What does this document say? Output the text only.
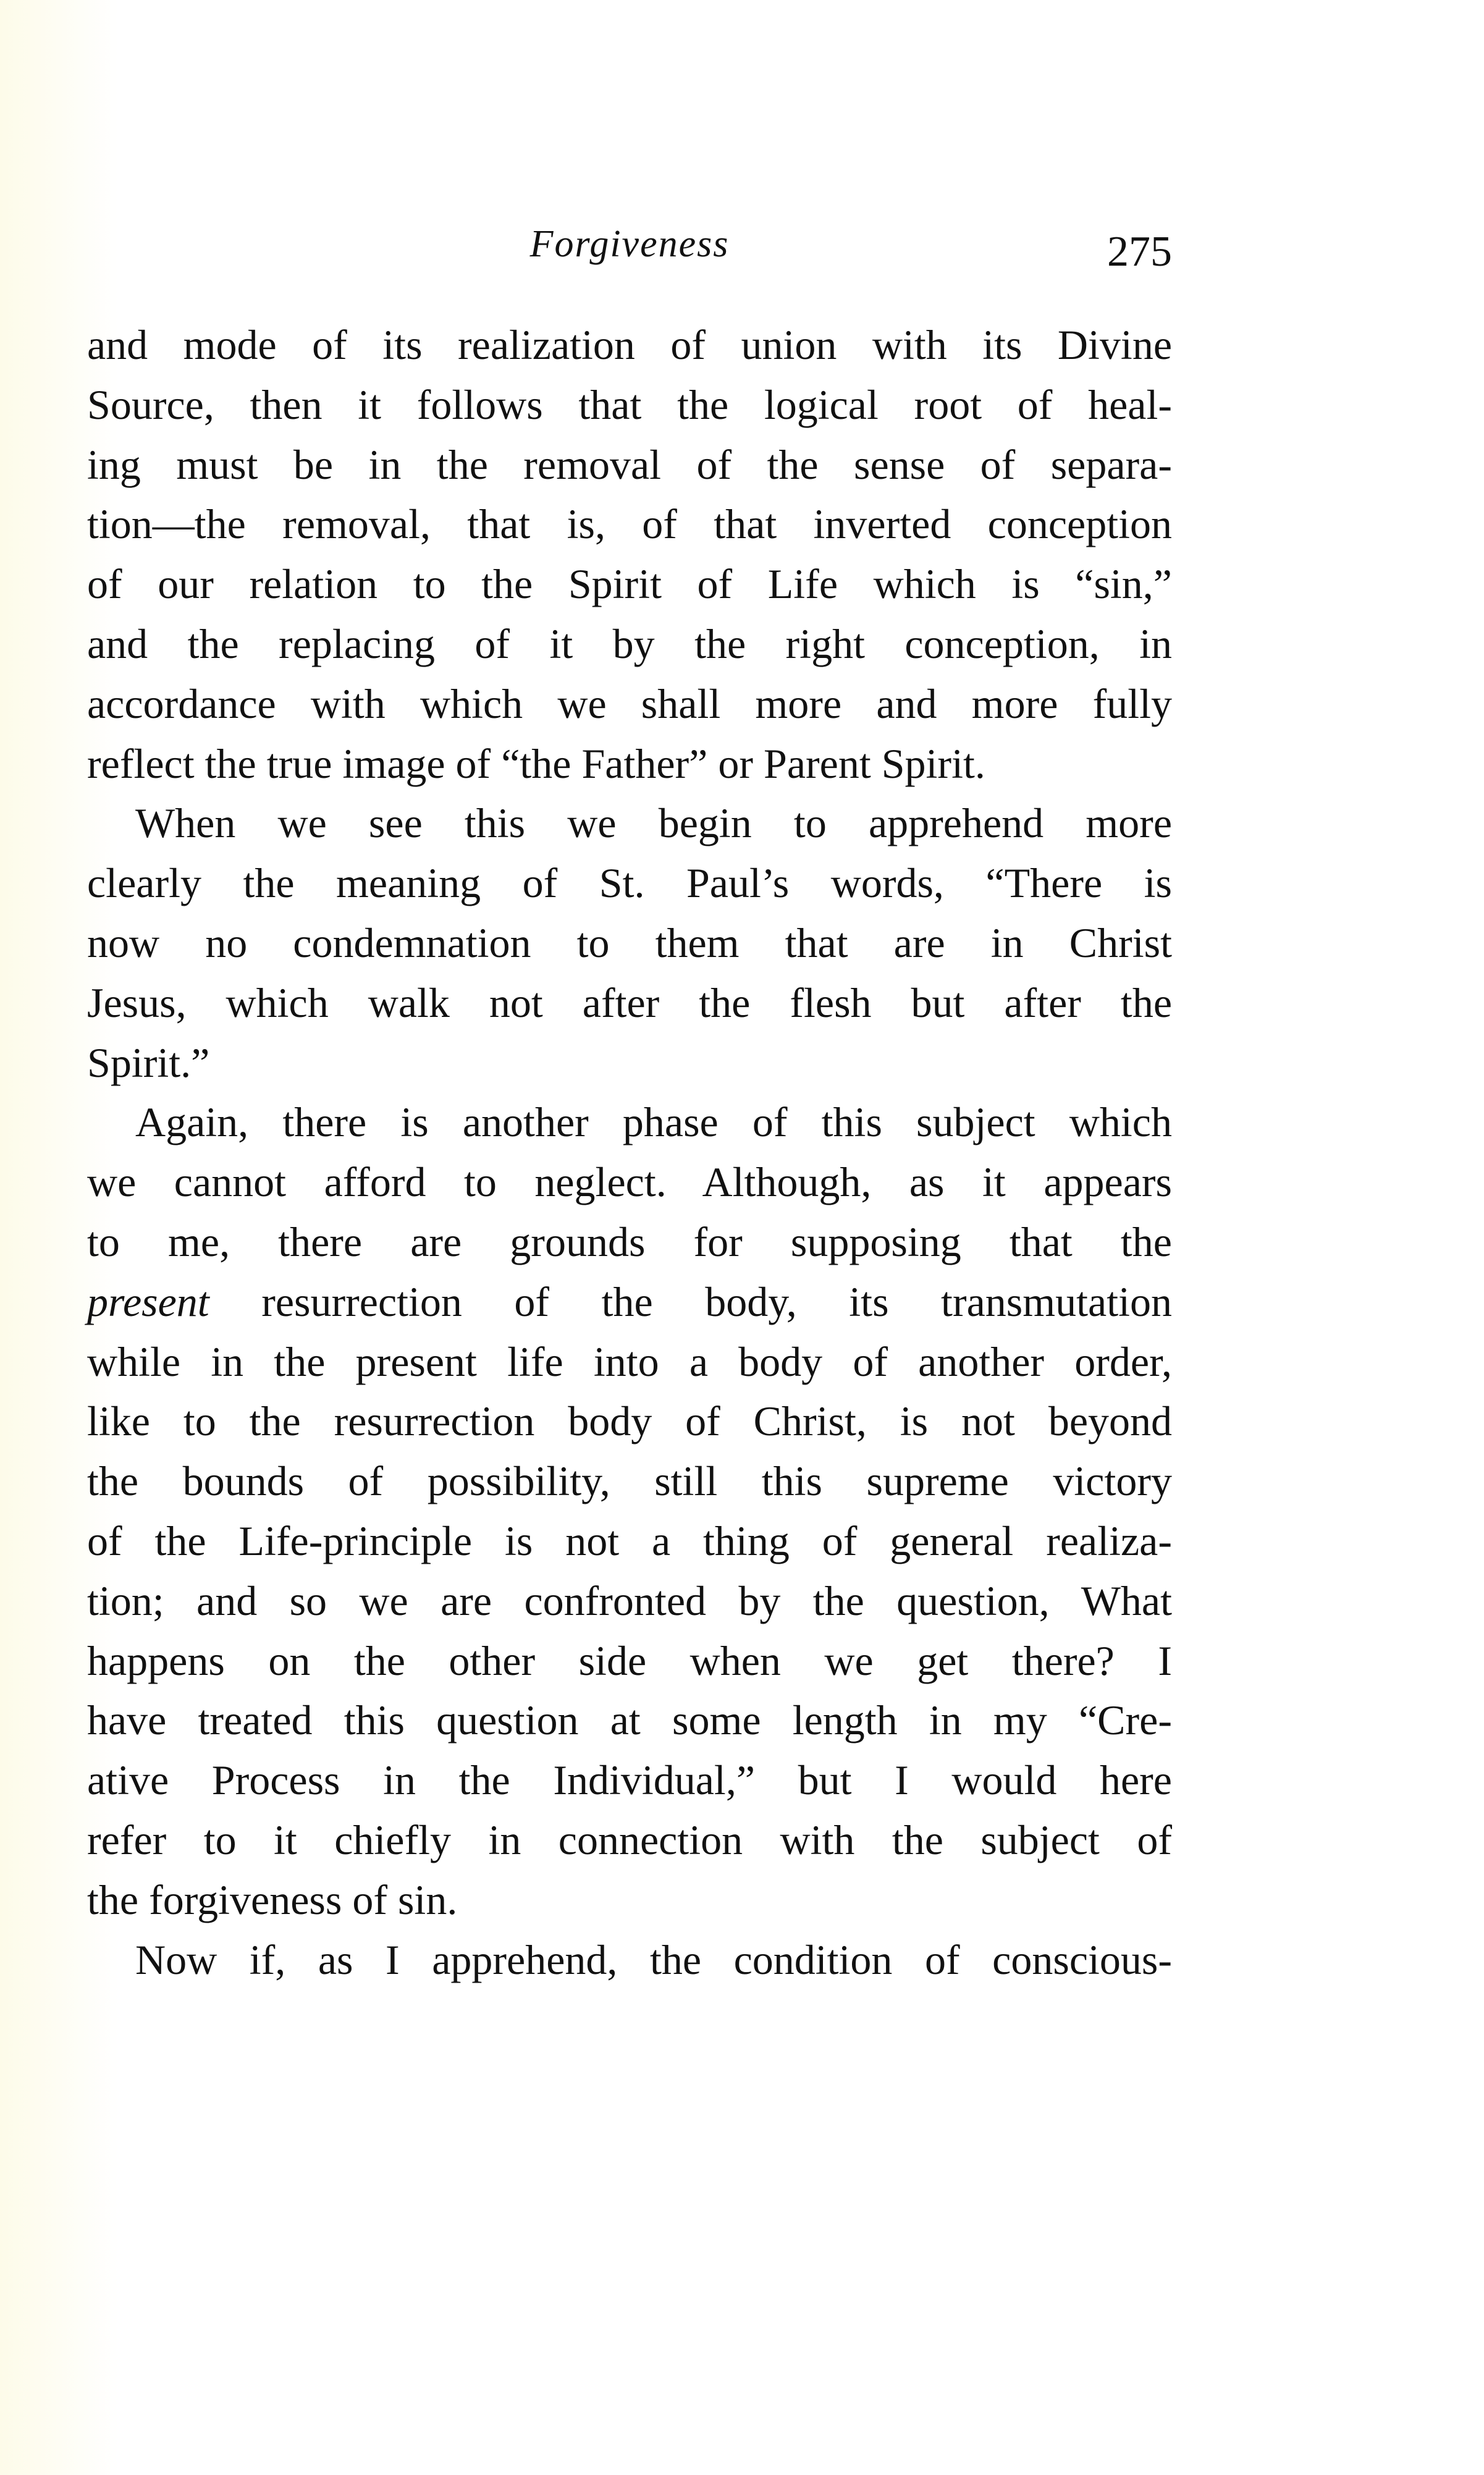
Forgiveness	275
and mode of its realization of union with its Divine
Source, then it follows that the logical root of heal-
ing must be in the removal of the sense of separa-
tion—the removal, that is, of that inverted conception
of our relation to the Spirit of Life which is “sin,”
and the replacing of it by the right conception, in
accordance with which we shall more and more fully
reflect the true image of “the Father” or Parent Spirit.
When we see this we begin to apprehend more
clearly the meaning of St. Paul’s words, “There is
now no condemnation to them that are in Christ
Jesus, which walk not after the flesh but after the
Spirit.”
Again, there is another phase of this subject which
we cannot afford to neglect. Although, as it appears
to me, there are grounds for supposing that the
present resurrection of the body, its transmutation
while in the present life into a body of another order,
like to the resurrection body of Christ, is not beyond
the bounds of possibility, still this supreme victory
of the Life-principle is not a thing of general realiza-
tion; and so we are confronted by the question, What
happens on the other side when we get there? I
have treated this question at some length in my “Cre-
ative Process in the Individual,” but I would here
refer to it chiefly in connection with the subject of
the forgiveness of sin.
Now if, as I apprehend, the condition of conscious-
